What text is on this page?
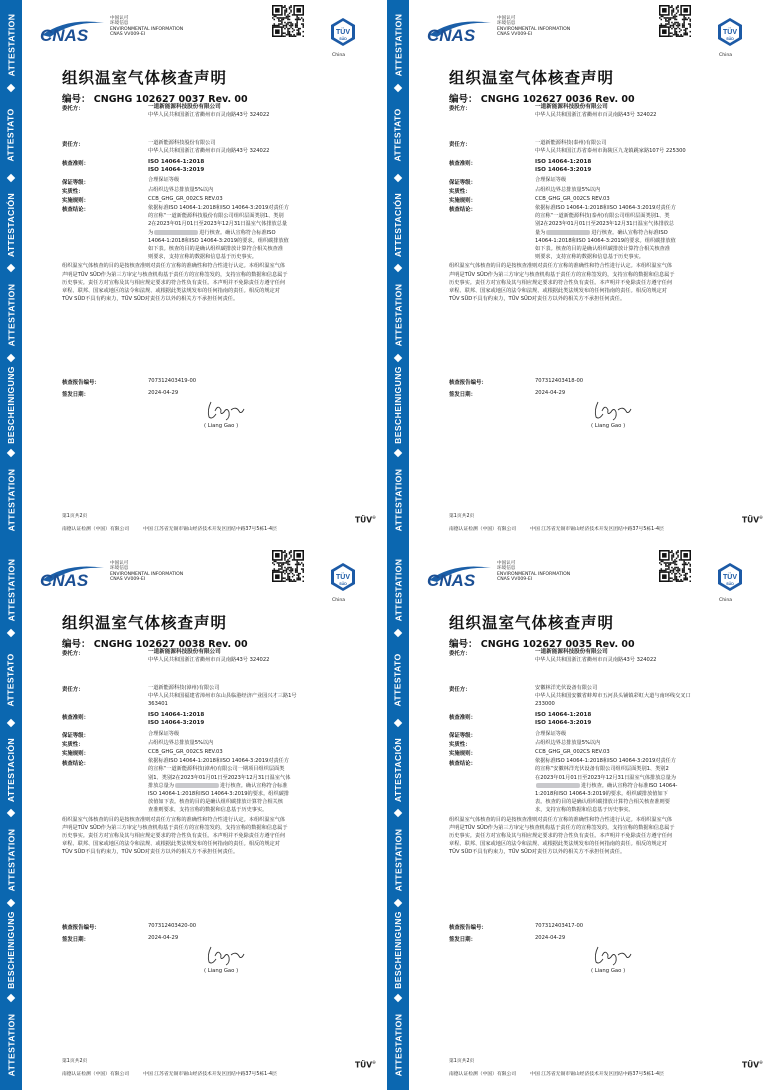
ATTESTATION
ATTESTATO
ATTESTACIÓN
ATTESTATION
BESCHEINIGUNG
ATTESTATION
CNAS
中国认可
环境信息
ENVIRONMENTAL INFORMATION
CNAS VV009-EI	TÜV
SÜD
China
组织温室气体核查声明
编号： CNGHG 102627 0037 Rev. 00
委托方：	一道新能源科技股份有限公司
中华人民共和国浙江省衢州市百灵南路43号 324022
责任方：	一道新能源科技股份有限公司
中华人民共和国浙江省衢州市百灵南路43号 324022
核查准则：	ISO 14064-1:2018
ISO 14064-3:2019
保证等级：	合理保证等级
实质性：	占组织边界总排放量5%以内
实施规则：	CCB_GHG_GR_002CS REV.03
核查结论：	依据标准ISO 14064-1:2018和ISO 14064-3:2019对责任方
的宣称“一道新能源科技股份有限公司组织层面类别1、类别
2在2023年01月01日至2023年12月31日温室气体排放总量
为	进行核查。确认宣称符合标准ISO
14064-1:2018和ISO 14064-3:2019的要求。组织碳排放值
如下表。核查的目的是确认组织碳排放计算符合相关核查准
则要求，支持宣称的数据和信息基于历史事实。
组织温室气体核查的目的是按核查准则对责任方宣称的准确性和符合性进行认定。本组织温室气体
声明是TÜV SÜD作为第三方审定与核查机构基于责任方的宣称签发的，支持宣称的数据和信息属于
历史事实。责任方对宣称及其与相应规定要求的符合性负有责任。本声明并不免除责任方遵守任何
章程、联邦、国家或地区的法令和法规、或根据此类法规发布的任何指南的责任。相反的规定对
TÜV SÜD不具有约束力，TÜV SÜD对责任方以外的相关方不承担任何责任。
核查报告编号：	707312403419-00
签发日期：	2024-04-29
( Liang Gao )
第1页共2页
南德认证检测（中国）有限公司	中国 江苏省无锡市锡山经济技术开发区团结中路37号5栋1-4层
TÜV®
ATTESTATION
ATTESTATO
ATTESTACIÓN
ATTESTATION
BESCHEINIGUNG
ATTESTATION
CNAS
中国认可
环境信息
ENVIRONMENTAL INFORMATION
CNAS VV009-EI	TÜV
SÜD
China
组织温室气体核查声明
编号： CNGHG 102627 0036 Rev. 00
委托方：	一道新能源科技股份有限公司
中华人民共和国浙江省衢州市百灵南路43号 324022
责任方：	一道新能源科技(泰州)有限公司
中华人民共和国江苏省泰州市海陵区九龙镇跳家路107号 225300
核查准则：	ISO 14064-1:2018
ISO 14064-3:2019
保证等级：	合理保证等级
实质性：	占组织边界总排放量5%以内
实施规则：	CCB_GHG_GR_002CS REV.03
核查结论：	依据标准ISO 14064-1:2018和ISO 14064-3:2019对责任方
的宣称“一道新能源科技(泰州)有限公司组织层面类别1、类
别2在2023年01月01日至2023年12月31日温室气体排放总
量为	进行核查。确认宣称符合标准ISO
14064-1:2018和ISO 14064-3:2019的要求。组织碳排放值
如下表。核查的目的是确认组织碳排放计算符合相关核查准
则要求，支持宣称的数据和信息基于历史事实。
组织温室气体核查的目的是按核查准则对责任方宣称的准确性和符合性进行认定。本组织温室气体
声明是TÜV SÜD作为第三方审定与核查机构基于责任方的宣称签发的，支持宣称的数据和信息属于
历史事实。责任方对宣称及其与相应规定要求的符合性负有责任。本声明并不免除责任方遵守任何
章程、联邦、国家或地区的法令和法规、或根据此类法规发布的任何指南的责任。相反的规定对
TÜV SÜD不具有约束力，TÜV SÜD对责任方以外的相关方不承担任何责任。
核查报告编号：	707312403418-00
签发日期：	2024-04-29
( Liang Gao )
第1页共2页
南德认证检测（中国）有限公司	中国 江苏省无锡市锡山经济技术开发区团结中路37号5栋1-4层
TÜV®
ATTESTATION
ATTESTATO
ATTESTACIÓN
ATTESTATION
BESCHEINIGUNG
ATTESTATION
CNAS
中国认可
环境信息
ENVIRONMENTAL INFORMATION
CNAS VV009-EI	TÜV
SÜD
China
组织温室气体核查声明
编号： CNGHG 102627 0038 Rev. 00
委托方：	一道新能源科技股份有限公司
中华人民共和国浙江省衢州市百灵南路43号 324022
责任方：	一道新能源科技(漳州)有限公司
中华人民共和国福建省漳州市东山县临港经济产业园兴才三路1号
363401
核查准则：	ISO 14064-1:2018
ISO 14064-3:2019
保证等级：	合理保证等级
实质性：	占组织边界总排放量5%以内
实施规则：	CCB_GHG_GR_002CS REV.03
核查结论：	依据标准ISO 14064-1:2018和ISO 14064-3:2019对责任方
的宣称“一道新能源科技(漳州)有限公司一期项目组织层面类
别1、类别2在2023年01月01日至2023年12月31日温室气体
排放总量为	进行核查。确认宣称符合标准
ISO 14064-1:2018和ISO 14064-3:2019的要求。组织碳排
放值如下表。核查的目的是确认组织碳排放计算符合相关核
查准则要求，支持宣称的数据和信息基于历史事实。
组织温室气体核查的目的是按核查准则对责任方宣称的准确性和符合性进行认定。本组织温室气体
声明是TÜV SÜD作为第三方审定与核查机构基于责任方的宣称签发的，支持宣称的数据和信息属于
历史事实。责任方对宣称及其与相应规定要求的符合性负有责任。本声明并不免除责任方遵守任何
章程、联邦、国家或地区的法令和法规、或根据此类法规发布的任何指南的责任。相反的规定对
TÜV SÜD不具有约束力，TÜV SÜD对责任方以外的相关方不承担任何责任。
核查报告编号：	707312403420-00
签发日期：	2024-04-29
( Liang Gao )
第1页共2页
南德认证检测（中国）有限公司	中国 江苏省无锡市锡山经济技术开发区团结中路37号5栋1-4层
TÜV®
ATTESTATION
ATTESTATO
ATTESTACIÓN
ATTESTATION
BESCHEINIGUNG
ATTESTATION
CNAS
中国认可
环境信息
ENVIRONMENTAL INFORMATION
CNAS VV009-EI	TÜV
SÜD
China
组织温室气体核查声明
编号： CNGHG 102627 0035 Rev. 00
委托方：	一道新能源科技股份有限公司
中华人民共和国浙江省衢州市百灵南路43号 324022
责任方：	安徽林洋光伏设备有限公司
中华人民共和国安徽省蚌埠市五河县头铺镇彩虹大道与南环线交叉口
233000
核查准则：	ISO 14064-1:2018
ISO 14064-3:2019
保证等级：	合理保证等级
实质性：	占组织边界总排放量5%以内
实施规则：	CCB_GHG_GR_002CS REV.03
核查结论：	依据标准ISO 14064-1:2018和ISO 14064-3:2019对责任方
的宣称“安徽林洋光伏设备有限公司组织层面类别1、类别2
在2023年01月01日至2023年12月31日温室气体排放总量为
进行核查。确认宣称符合标准ISO 14064-
1:2018和ISO 14064-3:2019的要求。组织碳排放值如下
表。核查的目的是确认组织碳排放计算符合相关核查准则要
求，支持宣称的数据和信息基于历史事实。
组织温室气体核查的目的是按核查准则对责任方宣称的准确性和符合性进行认定。本组织温室气体
声明是TÜV SÜD作为第三方审定与核查机构基于责任方的宣称签发的，支持宣称的数据和信息属于
历史事实。责任方对宣称及其与相应规定要求的符合性负有责任。本声明并不免除责任方遵守任何
章程、联邦、国家或地区的法令和法规、或根据此类法规发布的任何指南的责任。相反的规定对
TÜV SÜD不具有约束力，TÜV SÜD对责任方以外的相关方不承担任何责任。
核查报告编号：	707312403417-00
签发日期：	2024-04-29
( Liang Gao )
第1页共2页
南德认证检测（中国）有限公司	中国 江苏省无锡市锡山经济技术开发区团结中路37号5栋1-4层
TÜV®
